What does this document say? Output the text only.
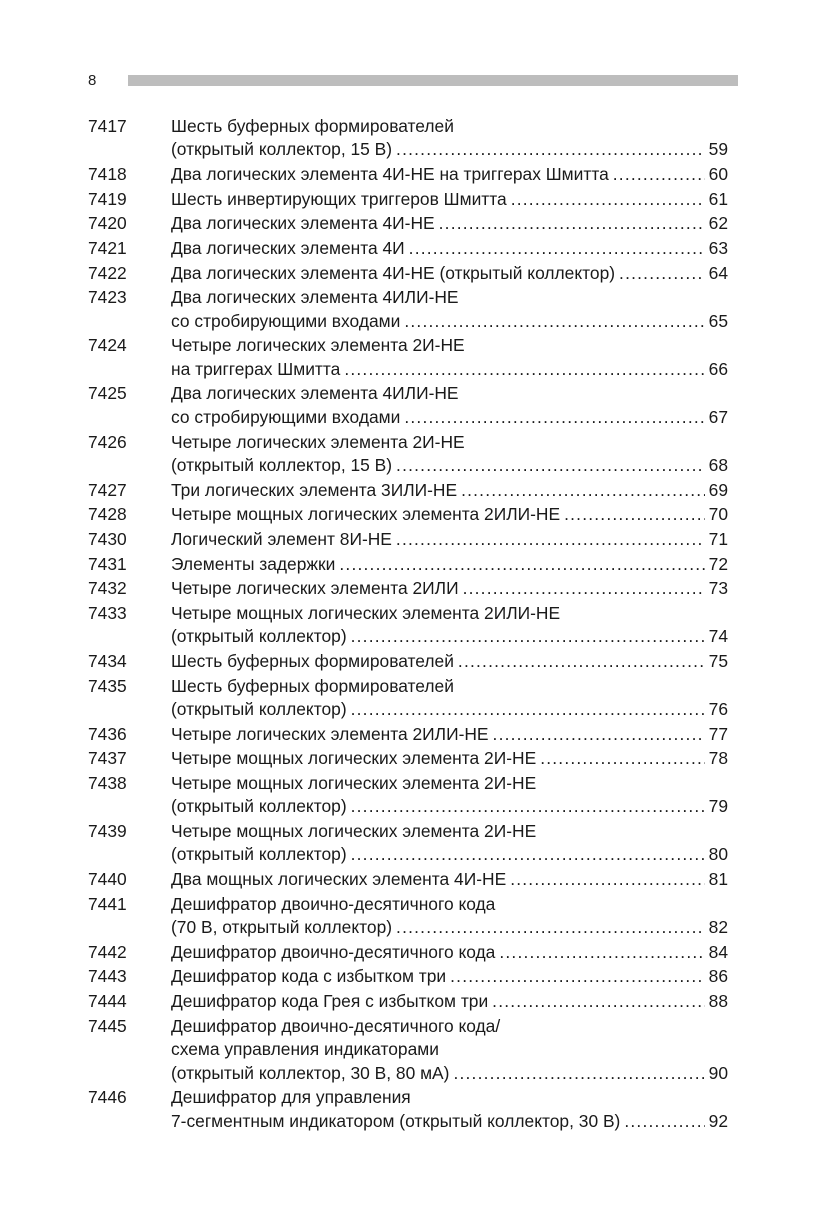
8
7417	Шесть буферных формирователей
(открытый коллектор, 15 В) .....	59
7418	Два логических элемента 4И-НЕ на триггерах Шмитта .....	60
7419	Шесть инвертирующих триггеров Шмитта .....	61
7420	Два логических элемента 4И-НЕ .....	62
7421	Два логических элемента 4И .....	63
7422	Два логических элемента 4И-НЕ (открытый коллектор) .....	64
7423	Два логических элемента 4ИЛИ-НЕ
со стробирующими входами .....	65
7424	Четыре логических элемента 2И-НЕ
на триггерах Шмитта .....	66
7425	Два логических элемента 4ИЛИ-НЕ
со стробирующими входами .....	67
7426	Четыре логических элемента 2И-НЕ
(открытый коллектор, 15 В) .....	68
7427	Три логических элемента 3ИЛИ-НЕ .....	69
7428	Четыре мощных логических элемента 2ИЛИ-НЕ .....	70
7430	Логический элемент 8И-НЕ .....	71
7431	Элементы задержки .....	72
7432	Четыре логических элемента 2ИЛИ .....	73
7433	Четыре мощных логических элемента 2ИЛИ-НЕ
(открытый коллектор) .....	74
7434	Шесть буферных формирователей .....	75
7435	Шесть буферных формирователей
(открытый коллектор) .....	76
7436	Четыре логических элемента 2ИЛИ-НЕ .....	77
7437	Четыре мощных логических элемента 2И-НЕ .....	78
7438	Четыре мощных логических элемента 2И-НЕ
(открытый коллектор) .....	79
7439	Четыре мощных логических элемента 2И-НЕ
(открытый коллектор) .....	80
7440	Два мощных логических элемента 4И-НЕ .....	81
7441	Дешифратор двоично-десятичного кода
(70 В, открытый коллектор) .....	82
7442	Дешифратор двоично-десятичного кода .....	84
7443	Дешифратор кода с избытком три .....	86
7444	Дешифратор кода Грея с избытком три .....	88
7445	Дешифратор двоично-десятичного кода/
схема управления индикаторами
(открытый коллектор, 30 В, 80 мА) .....	90
7446	Дешифратор для управления
7-сегментным индикатором (открытый коллектор, 30 В) .....	92
